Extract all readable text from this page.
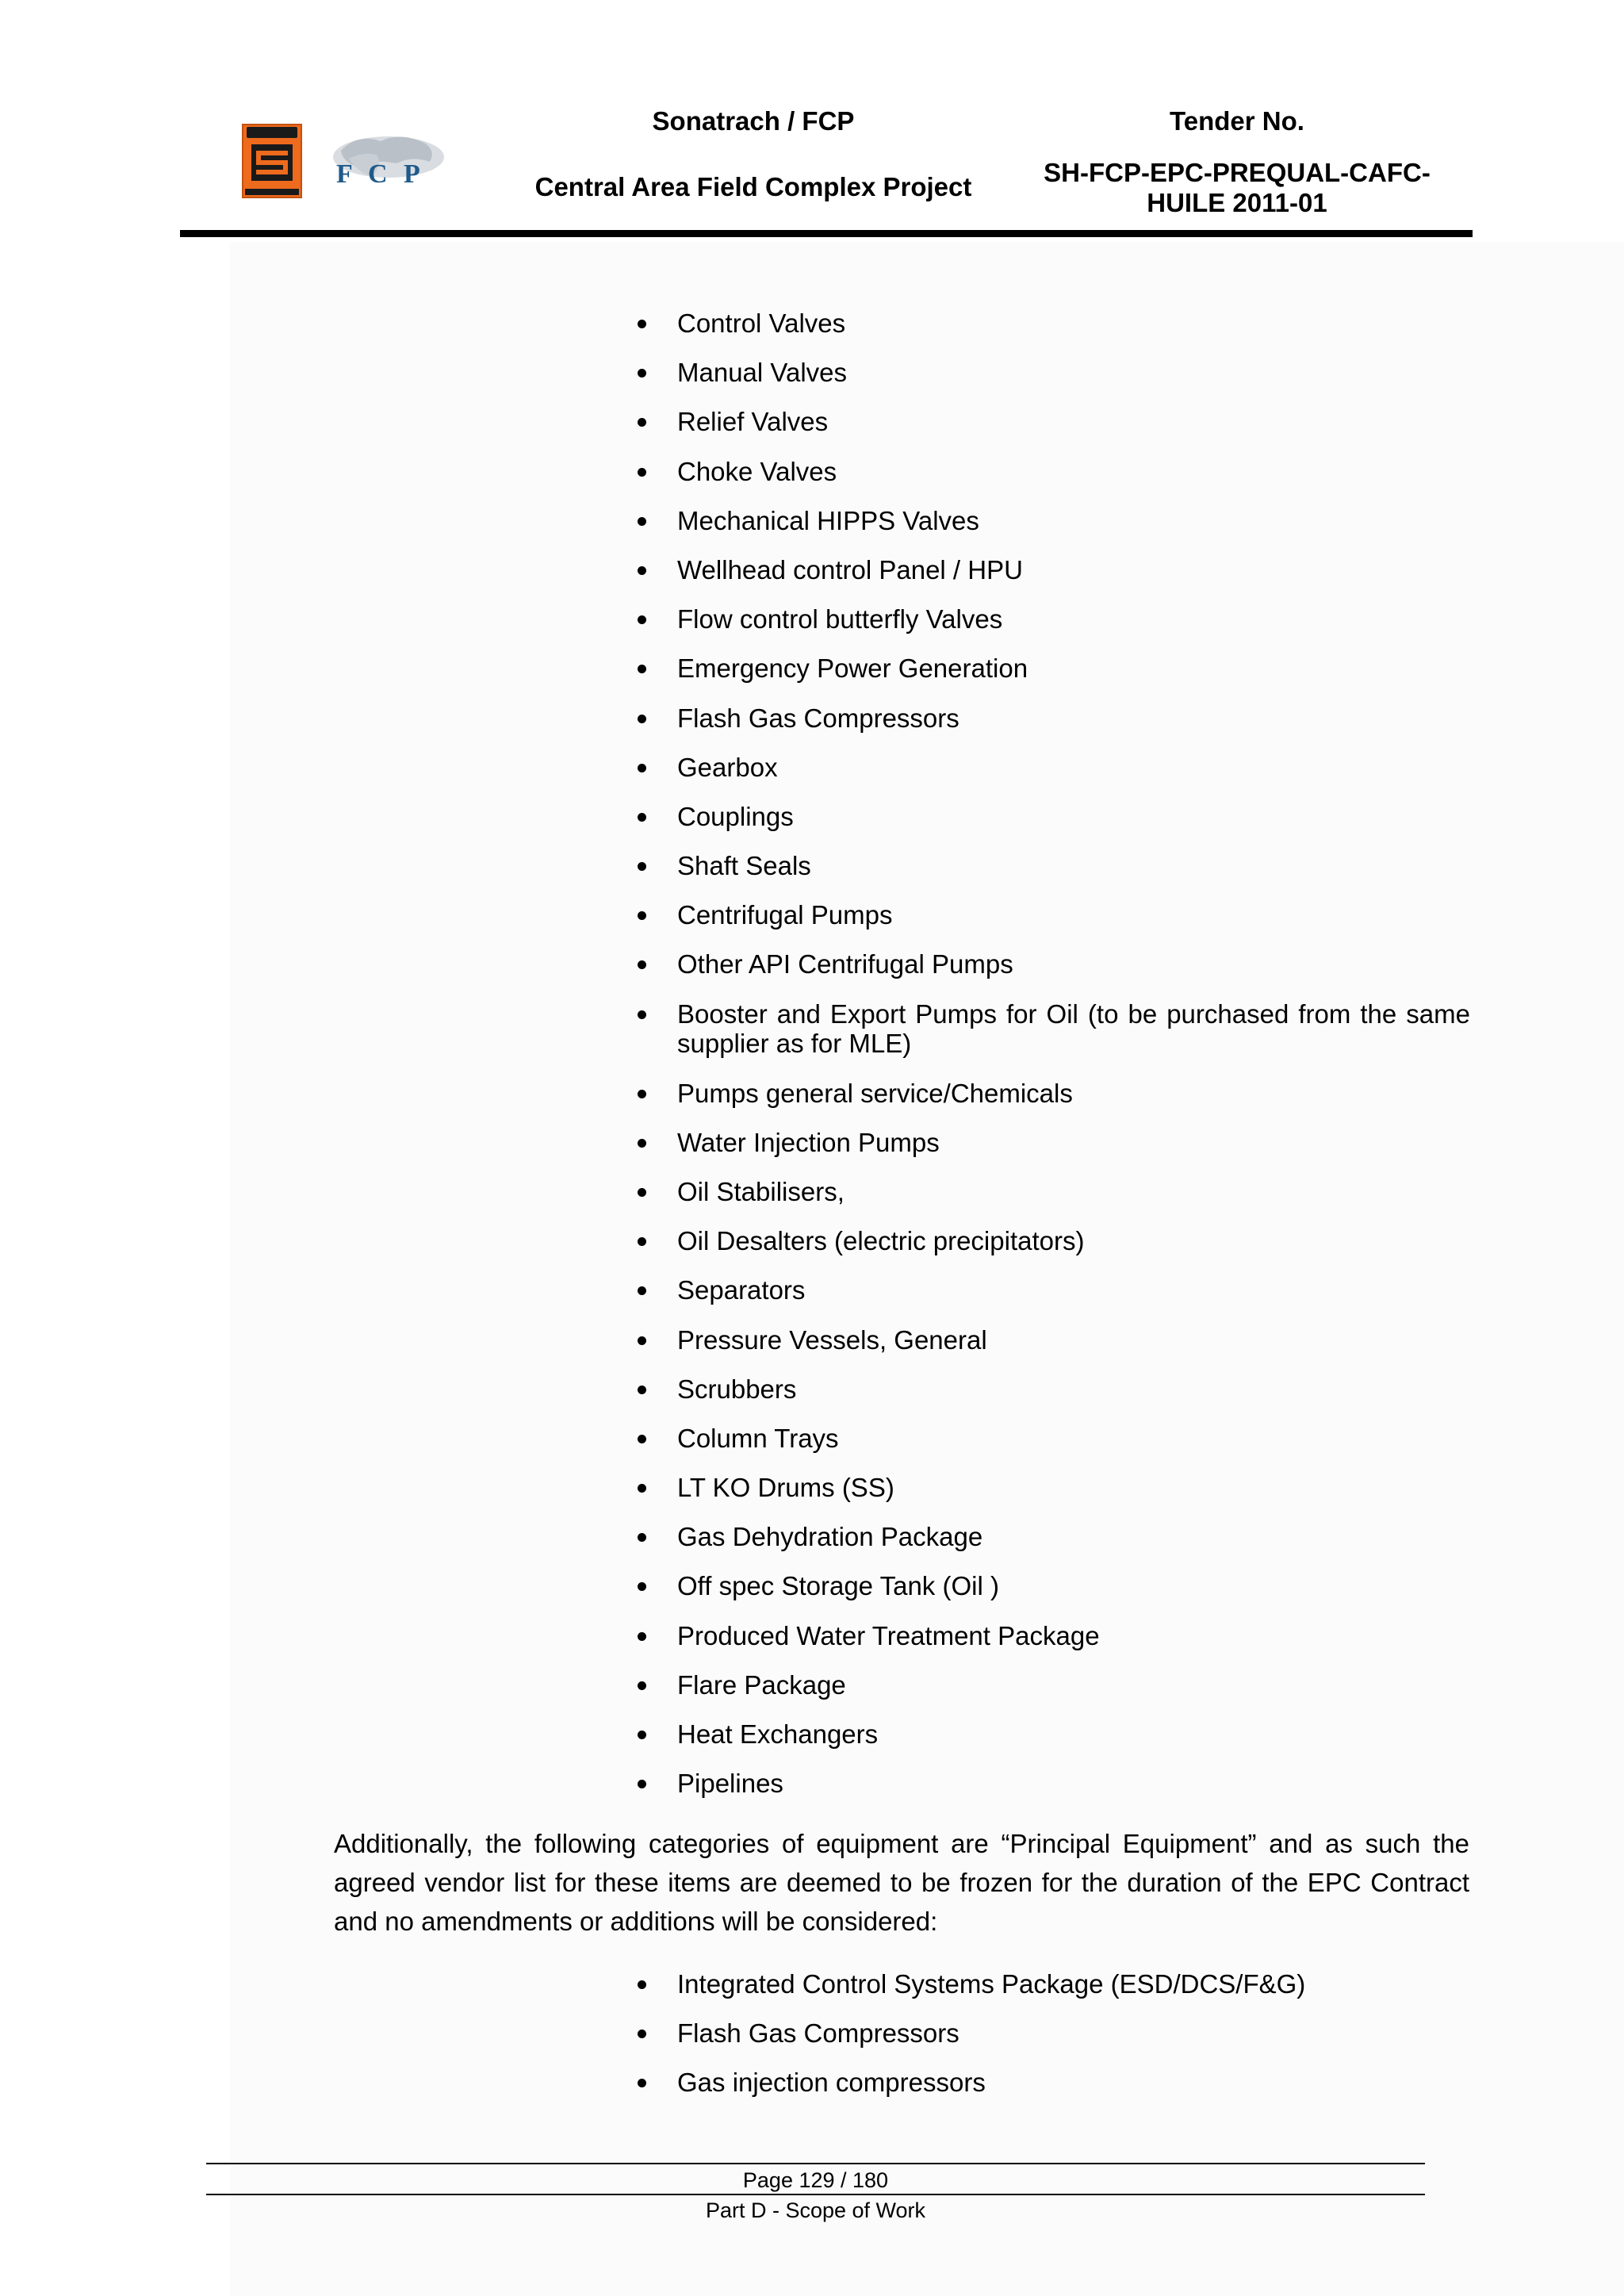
F C P
Sonatrach / FCP
Central Area Field Complex Project
Tender No.
SH-FCP-EPC-PREQUAL-CAFC-
HUILE 2011-01
Control Valves
Manual Valves
Relief Valves
Choke Valves
Mechanical HIPPS Valves
Wellhead control Panel / HPU
Flow control butterfly Valves
Emergency Power Generation
Flash Gas Compressors
Gearbox
Couplings
Shaft Seals
Centrifugal Pumps
Other API Centrifugal Pumps
Booster and Export Pumps for Oil (to be purchased from the same supplier as for MLE)
Pumps general service/Chemicals
Water Injection Pumps
Oil Stabilisers,
Oil Desalters (electric precipitators)
Separators
Pressure Vessels, General
Scrubbers
Column Trays
LT KO Drums (SS)
Gas Dehydration Package
Off spec Storage Tank (Oil )
Produced Water Treatment Package
Flare Package
Heat Exchangers
Pipelines

Additionally, the following categories of equipment are “Principal Equipment” and as such the agreed vendor list for these items are deemed to be frozen for the duration of the EPC Contract and no amendments or additions will be considered:

Integrated Control Systems Package (ESD/DCS/F&G)
Flash Gas Compressors
Gas injection compressors
Page 129 / 180
Part D - Scope of Work
